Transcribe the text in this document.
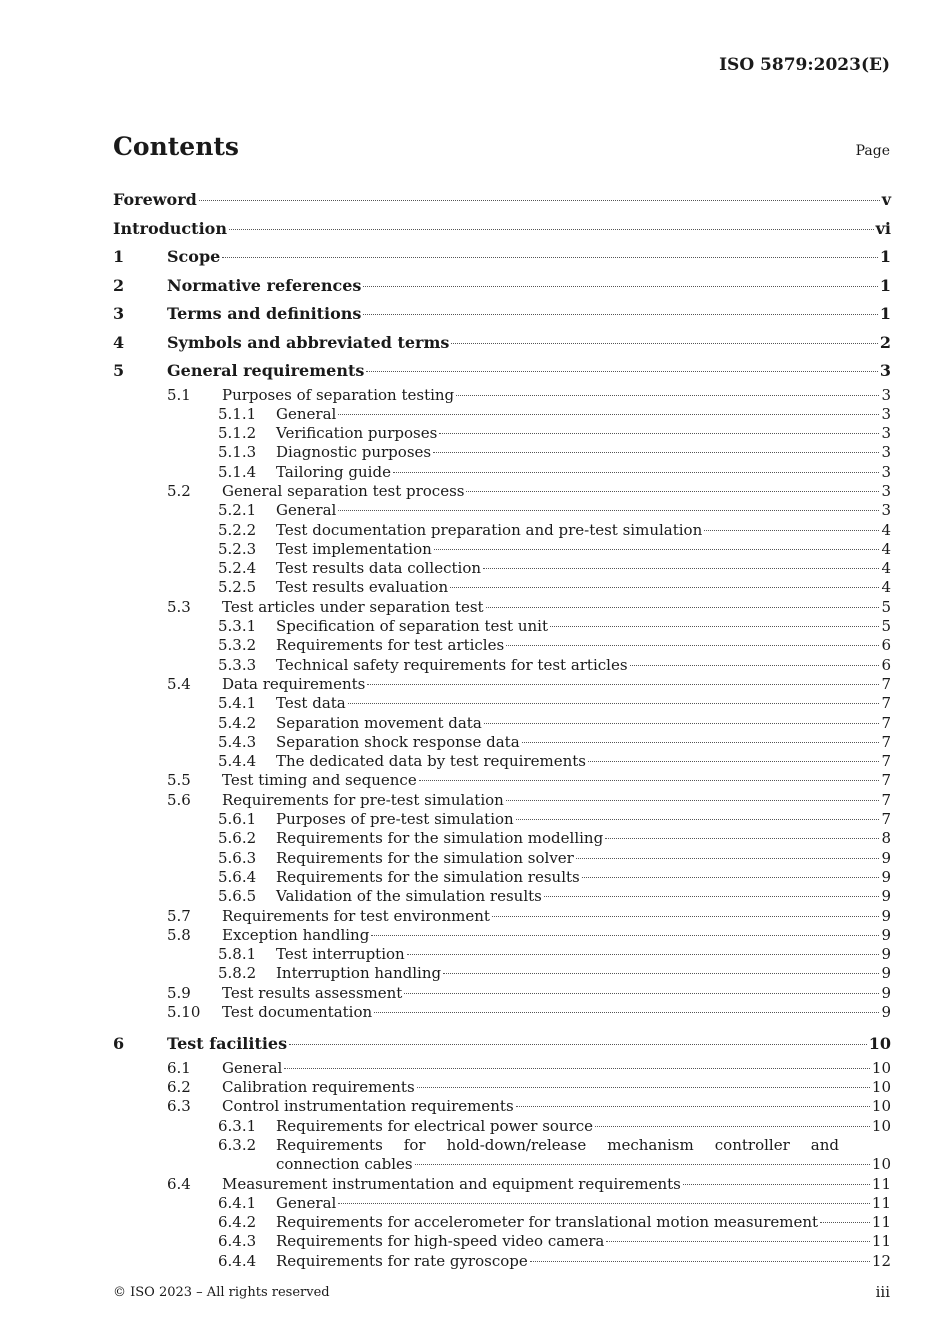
ISO 5879:2023(E)
Contents	Page
Foreword	v
Introduction	vi
1	Scope	1
2	Normative references	1
3	Terms and definitions	1
4	Symbols and abbreviated terms	2
5	General requirements	3
5.1 Purposes of separation testing	3
5.1.1 General	3
5.1.2 Verification purposes	3
5.1.3 Diagnostic purposes	3
5.1.4 Tailoring guide	3
5.2 General separation test process	3
5.2.1 General	3
5.2.2 Test documentation preparation and pre-test simulation	4
5.2.3 Test implementation	4
5.2.4 Test results data collection	4
5.2.5 Test results evaluation	4
5.3 Test articles under separation test	5
5.3.1 Specification of separation test unit	5
5.3.2 Requirements for test articles	6
5.3.3 Technical safety requirements for test articles	6
5.4 Data requirements	7
5.4.1 Test data	7
5.4.2 Separation movement data	7
5.4.3 Separation shock response data	7
5.4.4 The dedicated data by test requirements	7
5.5 Test timing and sequence	7
5.6 Requirements for pre-test simulation	7
5.6.1 Purposes of pre-test simulation	7
5.6.2 Requirements for the simulation modelling	8
5.6.3 Requirements for the simulation solver	9
5.6.4 Requirements for the simulation results	9
5.6.5 Validation of the simulation results	9
5.7 Requirements for test environment	9
5.8 Exception handling	9
5.8.1 Test interruption	9
5.8.2 Interruption handling	9
5.9 Test results assessment	9
5.10 Test documentation	9
6	Test facilities	10
6.1 General	10
6.2 Calibration requirements	10
6.3 Control instrumentation requirements	10
6.3.1 Requirements for electrical power source	10
6.3.2 Requirements for hold-down/release mechanism controller and
connection cables	10
6.4 Measurement instrumentation and equipment requirements	11
6.4.1 General	11
6.4.2 Requirements for accelerometer for translational motion measurement	11
6.4.3 Requirements for high-speed video camera	11
6.4.4 Requirements for rate gyroscope	12
© ISO 2023 – All rights reserved	iii
